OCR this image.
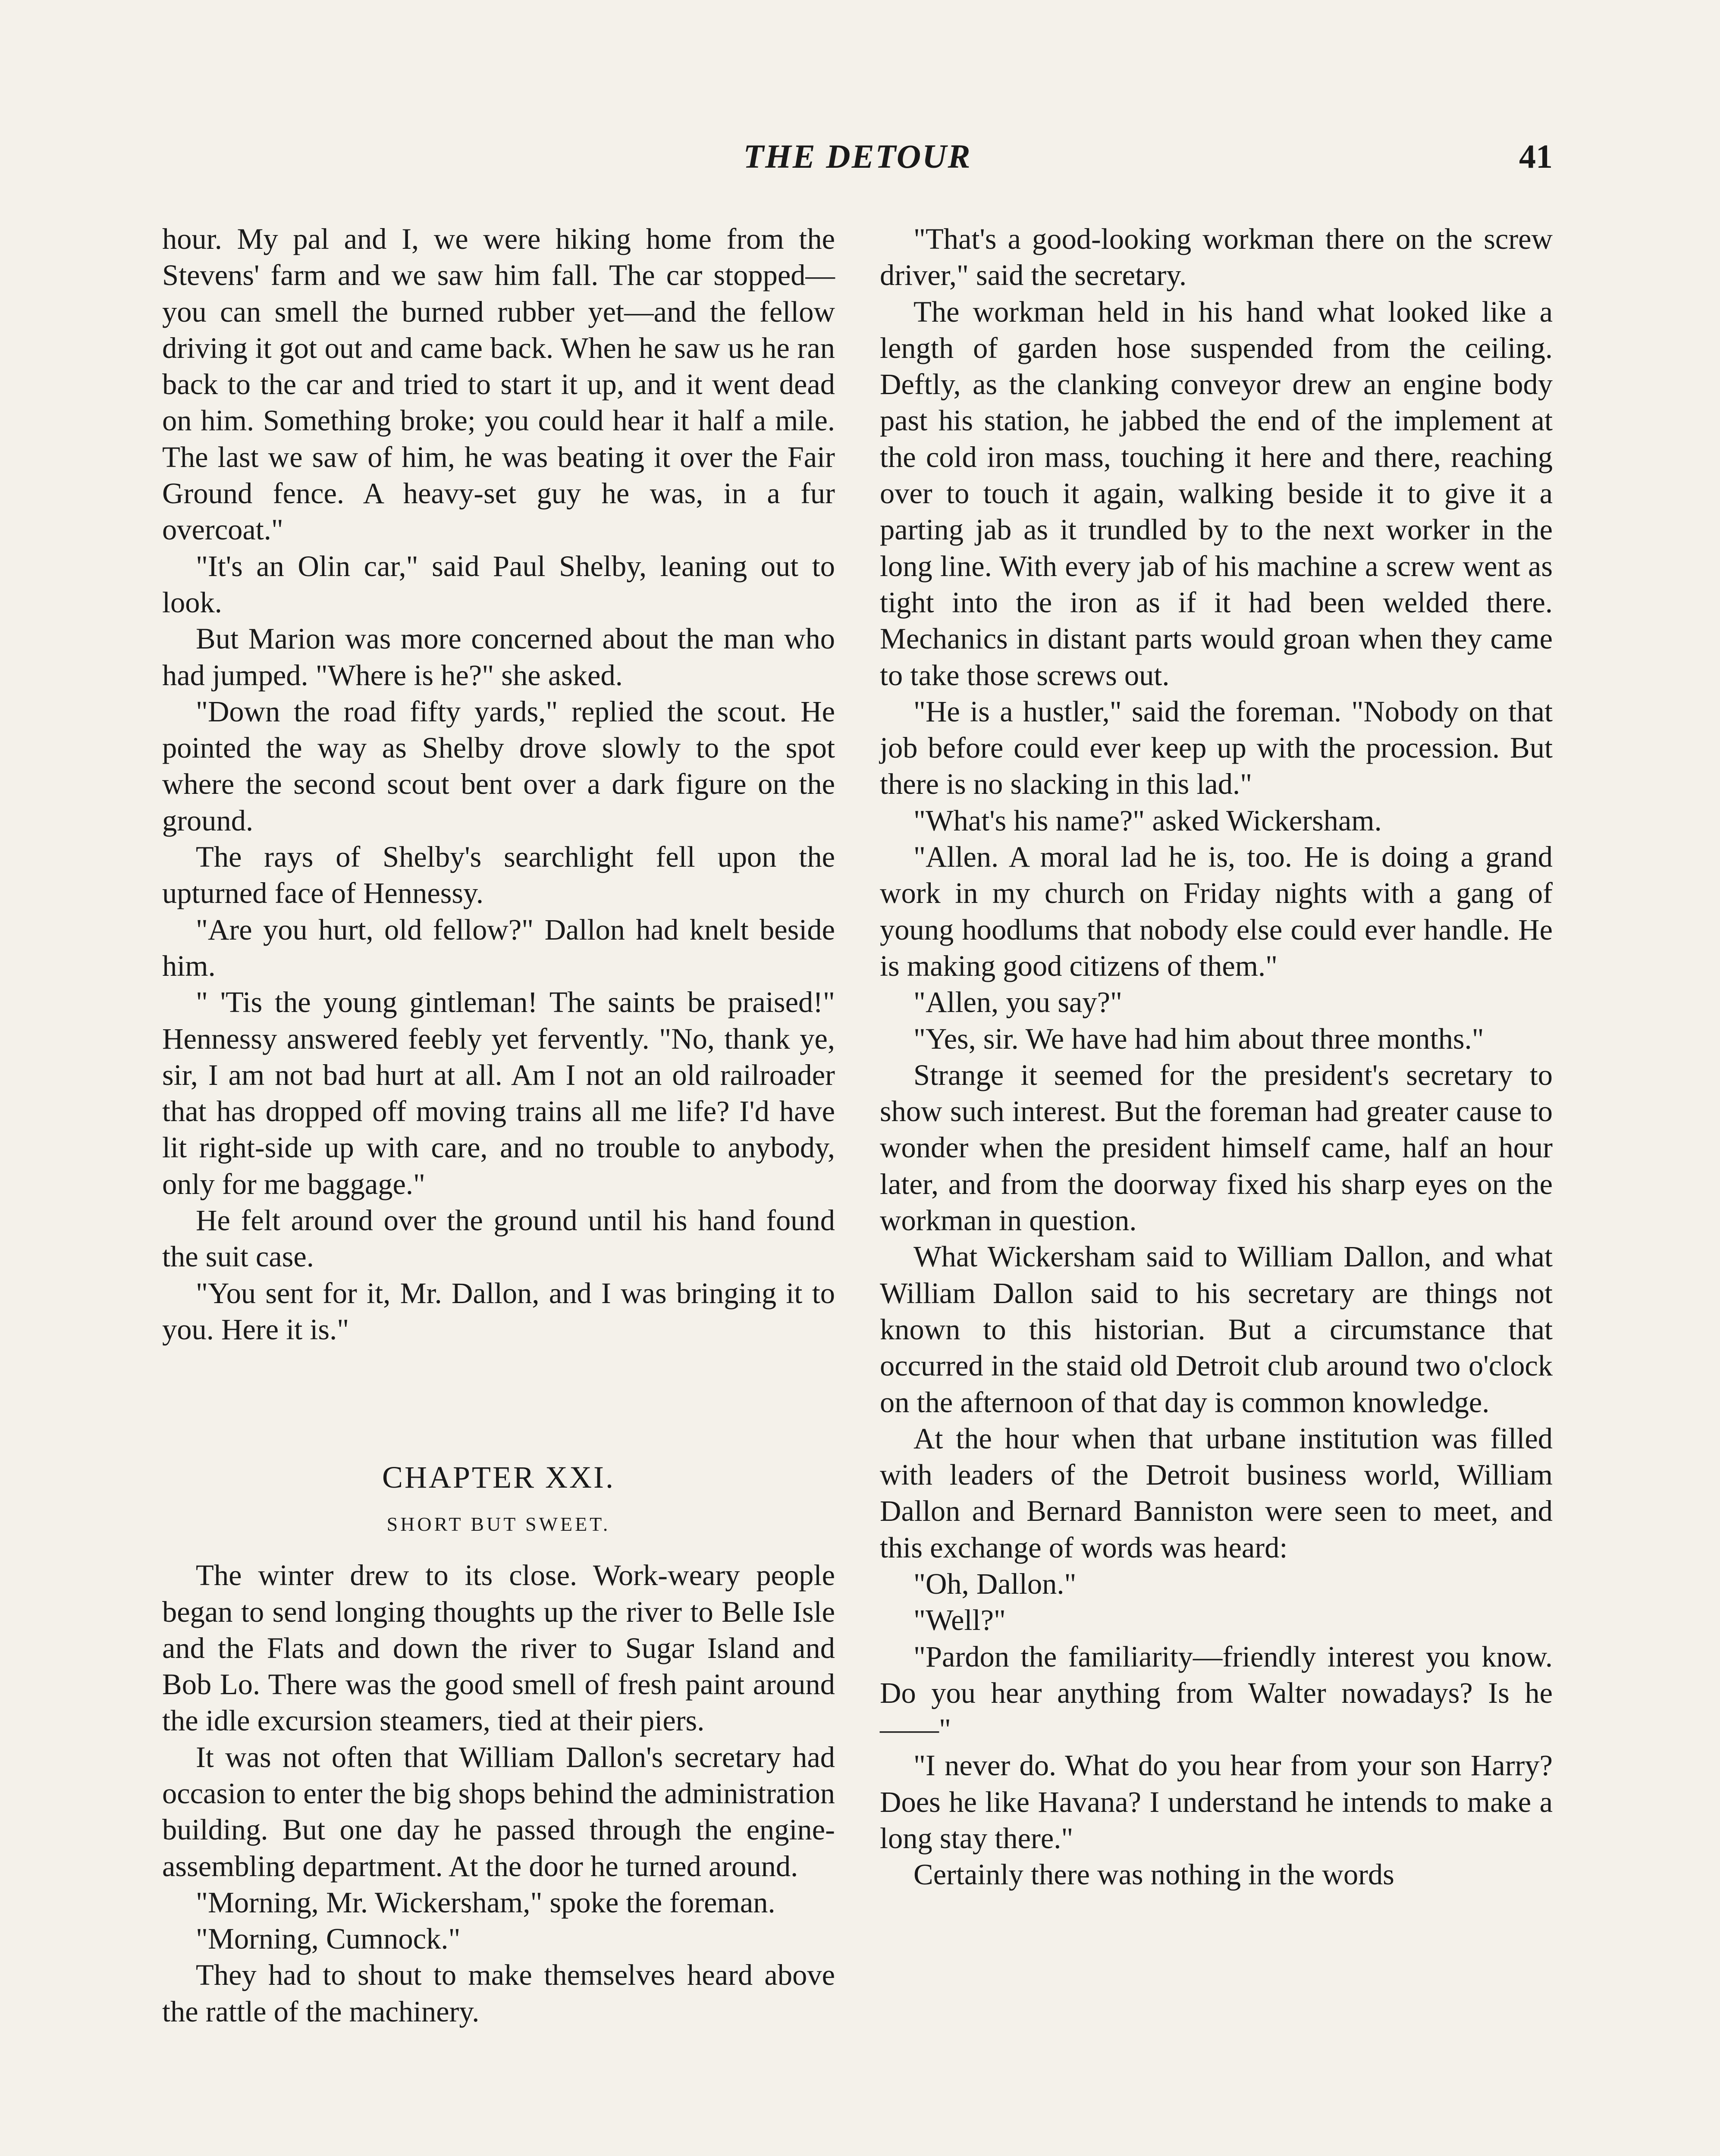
THE DETOUR	41

hour. My pal and I, we were hiking home from the Stevens' farm and we saw him fall. The car stopped—you can smell the burned rubber yet—and the fellow driving it got out and came back. When he saw us he ran back to the car and tried to start it up, and it went dead on him. Something broke; you could hear it half a mile. The last we saw of him, he was beating it over the Fair Ground fence. A heavy-set guy he was, in a fur overcoat."

"It's an Olin car," said Paul Shelby, leaning out to look.

But Marion was more concerned about the man who had jumped. "Where is he?" she asked.

"Down the road fifty yards," replied the scout. He pointed the way as Shelby drove slowly to the spot where the second scout bent over a dark figure on the ground.

The rays of Shelby's searchlight fell upon the upturned face of Hennessy.

"Are you hurt, old fellow?" Dallon had knelt beside him.

" 'Tis the young gintleman! The saints be praised!" Hennessy answered feebly yet fervently. "No, thank ye, sir, I am not bad hurt at all. Am I not an old railroader that has dropped off moving trains all me life? I'd have lit right-side up with care, and no trouble to anybody, only for me baggage."

He felt around over the ground until his hand found the suit case.

"You sent for it, Mr. Dallon, and I was bringing it to you. Here it is."

CHAPTER XXI.
SHORT BUT SWEET.

The winter drew to its close. Work-weary people began to send longing thoughts up the river to Belle Isle and the Flats and down the river to Sugar Island and Bob Lo. There was the good smell of fresh paint around the idle excursion steamers, tied at their piers.

It was not often that William Dallon's secretary had occasion to enter the big shops behind the administration building. But one day he passed through the engine-assembling department. At the door he turned around.

"Morning, Mr. Wickersham," spoke the foreman.

"Morning, Cumnock."

They had to shout to make themselves heard above the rattle of the machinery.

"That's a good-looking workman there on the screw driver," said the secretary.

The workman held in his hand what looked like a length of garden hose suspended from the ceiling. Deftly, as the clanking conveyor drew an engine body past his station, he jabbed the end of the implement at the cold iron mass, touching it here and there, reaching over to touch it again, walking beside it to give it a parting jab as it trundled by to the next worker in the long line. With every jab of his machine a screw went as tight into the iron as if it had been welded there. Mechanics in distant parts would groan when they came to take those screws out.

"He is a hustler," said the foreman. "Nobody on that job before could ever keep up with the procession. But there is no slacking in this lad."

"What's his name?" asked Wickersham.

"Allen. A moral lad he is, too. He is doing a grand work in my church on Friday nights with a gang of young hoodlums that nobody else could ever handle. He is making good citizens of them."

"Allen, you say?"

"Yes, sir. We have had him about three months."

Strange it seemed for the president's secretary to show such interest. But the foreman had greater cause to wonder when the president himself came, half an hour later, and from the doorway fixed his sharp eyes on the workman in question.

What Wickersham said to William Dallon, and what William Dallon said to his secretary are things not known to this historian. But a circumstance that occurred in the staid old Detroit club around two o'clock on the afternoon of that day is common knowledge.

At the hour when that urbane institution was filled with leaders of the Detroit business world, William Dallon and Bernard Banniston were seen to meet, and this exchange of words was heard:

"Oh, Dallon."

"Well?"

"Pardon the familiarity—friendly interest you know. Do you hear anything from Walter nowadays? Is he——"

"I never do. What do you hear from your son Harry? Does he like Havana? I understand he intends to make a long stay there."

Certainly there was nothing in the words
